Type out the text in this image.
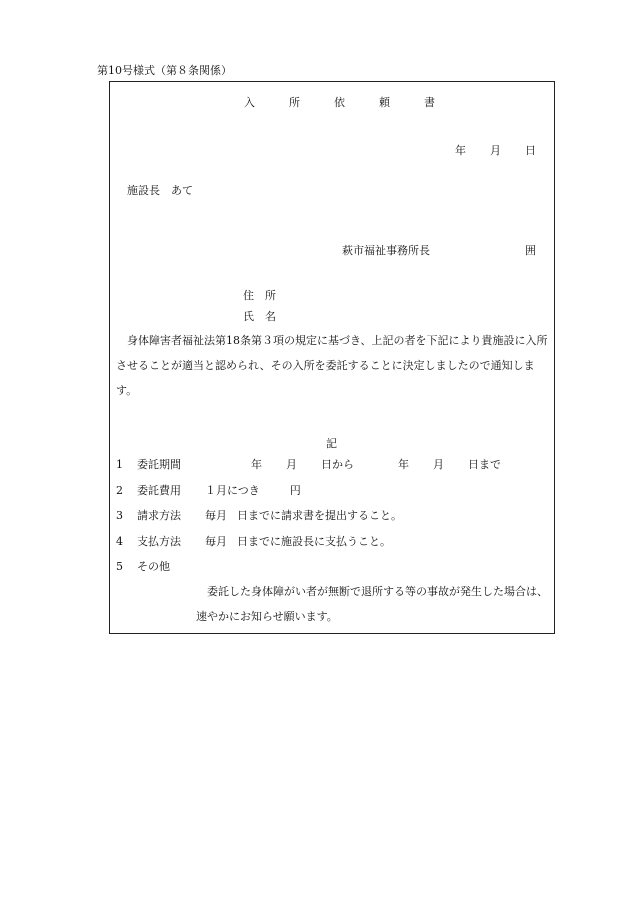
第10号様式（第８条関係）
入	所	依	頼	書
年 月 日
施設長　あて
萩市福祉事務所長	囲
住　所
氏　名
　身体障害者福祉法第18条第３項の規定に基づき、上記の者を下記により貴施設に入所させることが適当と認められ、その入所を委託することに決定しましたので通知します。
記
1 委託期間	年 月 日から	年 月 日まで
2 委託費用 １月につき	円
3 請求方法 毎月 日までに請求書を提出すること。
4 支払方法 毎月 日までに施設長に支払うこと。
5 その他
委託した身体障がい者が無断で退所する等の事故が発生した場合は、速やかにお知らせ願います。
